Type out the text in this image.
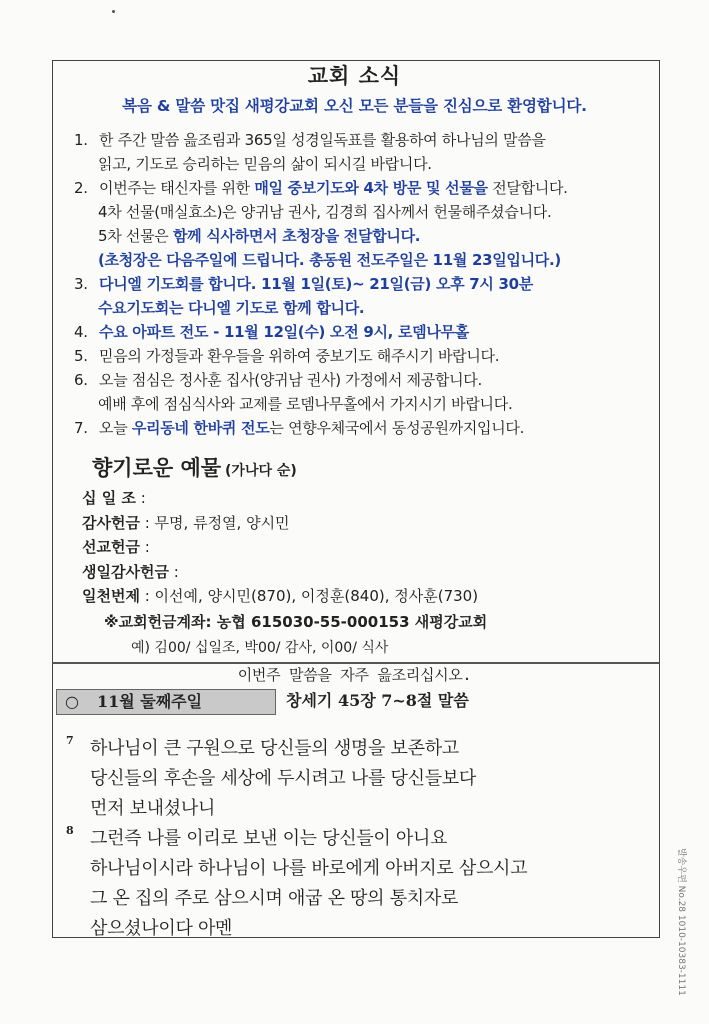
교회 소식
복음 & 말씀 맛집 새평강교회 오신 모든 분들을 진심으로 환영합니다.
1. 한 주간 말씀 읊조림과 365일 성경일독표를 활용하여 하나님의 말씀을
읽고, 기도로 승리하는 믿음의 삶이 되시길 바랍니다.
2. 이번주는 태신자를 위한 매일 중보기도와 4차 방문 및 선물을 전달합니다.
4차 선물(매실효소)은 양귀남 권사, 김경희 집사께서 헌물해주셨습니다.
5차 선물은 함께 식사하면서 초청장을 전달합니다.
(초청장은 다음주일에 드립니다. 총동원 전도주일은 11월 23일입니다.)
3. 다니엘 기도회를 합니다. 11월 1일(토)~ 21일(금) 오후 7시 30분
수요기도회는 다니엘 기도로 함께 합니다.
4. 수요 아파트 전도 - 11월 12일(수) 오전 9시, 로뎀나무홀
5. 믿음의 가정들과 환우들을 위하여 중보기도 해주시기 바랍니다.
6. 오늘 점심은 정사훈 집사(양귀남 권사) 가정에서 제공합니다.
예배 후에 점심식사와 교제를 로뎀나무홀에서 가지시기 바랍니다.
7. 오늘 우리동네 한바퀴 전도는 연향우체국에서 동성공원까지입니다.
향기로운 예물 (가나다 순)
십 일 조 :
감사헌금 : 무명, 류정열, 양시민
선교헌금 :
생일감사헌금 :
일천번제 : 이선예, 양시민(870), 이정훈(840), 정사훈(730)
※교회헌금계좌: 농협 615030-55-000153 새평강교회
예) 김00/ 십일조, 박00/ 감사, 이00/ 식사
이번주 말씀을 자주 읊조리십시오.
○ 11월 둘째주일	창세기 45장 7~8절 말씀
7 하나님이 큰 구원으로 당신들의 생명을 보존하고
당신들의 후손을 세상에 두시려고 나를 당신들보다
먼저 보내셨나니
8 그런즉 나를 이리로 보낸 이는 당신들이 아니요
하나님이시라 하나님이 나를 바로에게 아버지로 삼으시고
그 온 집의 주로 삼으시며 애굽 온 땅의 통치자로
삼으셨나이다 아멘	발송우편 No.28 1010-10383-1111
